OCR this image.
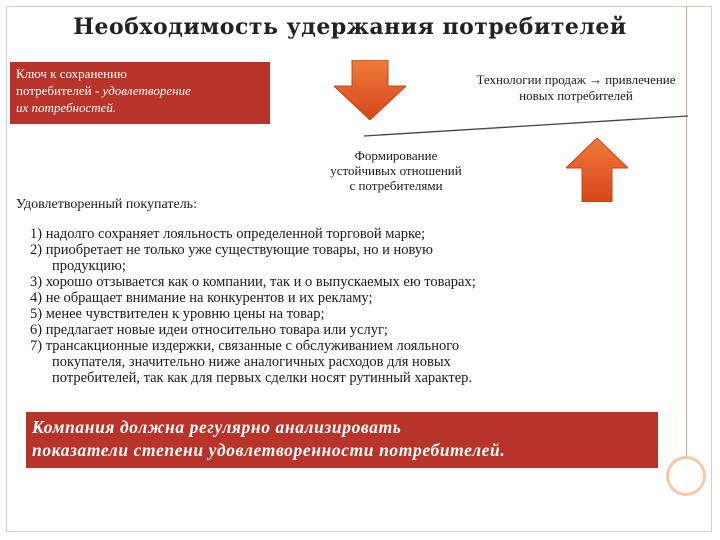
Необходимость удержания потребителей
Ключ к сохранению
потребителей - удовлетворение
их потребностей.
Технологии продаж → привлечение
новых потребителей
Формирование
устойчивых отношений
с потребителями
Удовлетворенный покупатель:
1) надолго сохраняет лояльность определенной торговой марке;
2) приобретает не только уже существующие товары, но и новую
продукцию;
3) хорошо отзывается как о компании, так и о выпускаемых ею товарах;
4) не обращает внимание на конкурентов и их рекламу;
5) менее чувствителен к уровню цены на товар;
6) предлагает новые идеи относительно товара или услуг;
7) трансакционные издержки, связанные с обслуживанием лояльного
покупателя, значительно ниже аналогичных расходов для новых
потребителей, так как для первых сделки носят рутинный характер.
Компания должна регулярно анализировать
показатели степени удовлетворенности потребителей.
